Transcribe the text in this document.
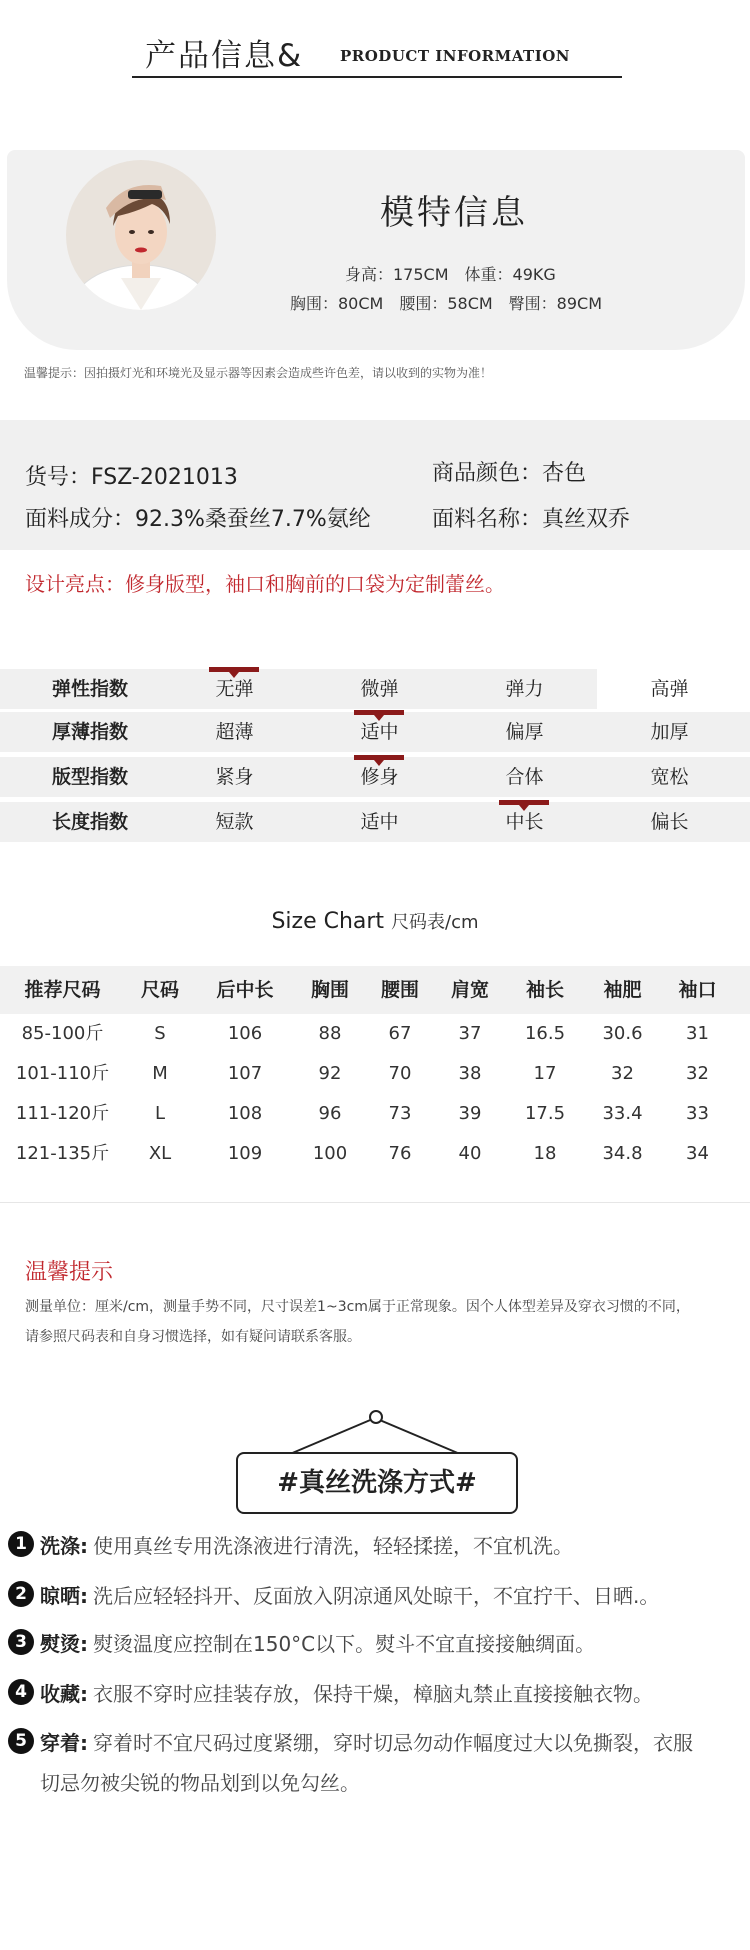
产品信息& PRODUCT INFORMATION
模特信息
身高：175CM　体重：49KG
胸围：80CM　腰围：58CM　臀围：89CM
温馨提示：因拍摄灯光和环境光及显示器等因素会造成些许色差，请以收到的实物为准！
货号：FSZ-2021013	商品颜色：杏色
面料成分：92.3%桑蚕丝7.7%氨纶	面料名称：真丝双乔
设计亮点：修身版型，袖口和胸前的口袋为定制蕾丝。
弹性指数	无弹	微弹	弹力	高弹
厚薄指数	超薄	适中	偏厚	加厚
版型指数	紧身	修身	合体	宽松
长度指数	短款	适中	中长	偏长
Size Chart 尺码表/cm
推荐尺码	尺码	后中长	胸围	腰围	肩宽	袖长	袖肥	袖口
85-100斤	S	106	88	67	37	16.5	30.6	31
101-110斤	M	107	92	70	38	17	32	32
111-120斤	L	108	96	73	39	17.5	33.4	33
121-135斤	XL	109	100	76	40	18	34.8	34
温馨提示
测量单位：厘米/cm，测量手势不同，尺寸误差1~3cm属于正常现象。因个人体型差异及穿衣习惯的不同，
请参照尺码表和自身习惯选择，如有疑问请联系客服。
#真丝洗涤方式#
1 洗涤: 使用真丝专用洗涤液进行清洗，轻轻揉搓，不宜机洗。
2 晾晒: 洗后应轻轻抖开、反面放入阴凉通风处晾干，不宜拧干、日晒.。
3 熨烫: 熨烫温度应控制在150°C以下。熨斗不宜直接接触绸面。
4 收藏: 衣服不穿时应挂装存放，保持干燥，樟脑丸禁止直接接触衣物。
5 穿着: 穿着时不宜尺码过度紧绷，穿时切忌勿动作幅度过大以免撕裂，衣服
切忌勿被尖锐的物品划到以免勾丝。
